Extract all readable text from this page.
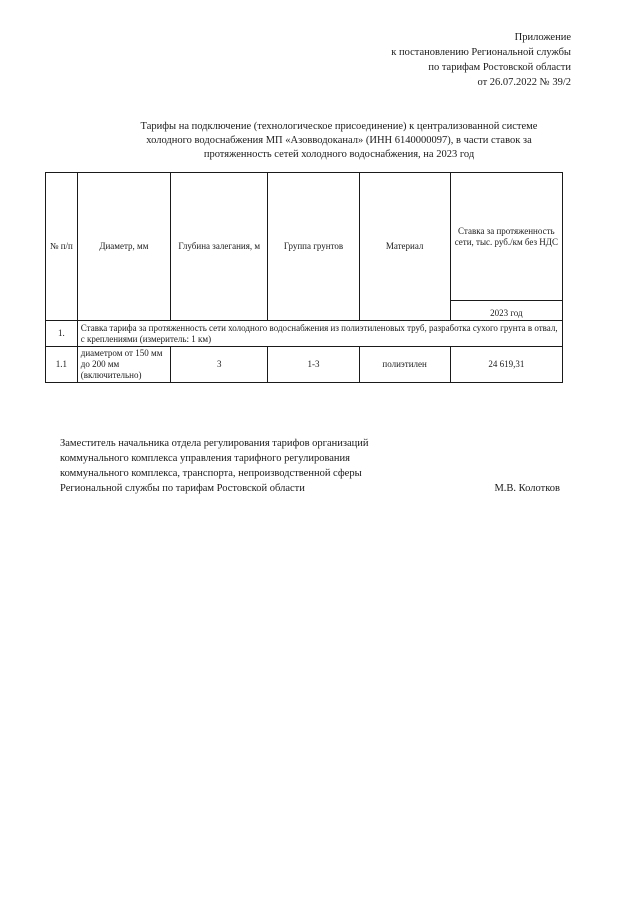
Приложение
к постановлению Региональной службы
по тарифам Ростовской области
от 26.07.2022 № 39/2
Тарифы на подключение (технологическое присоединение) к централизованной системе
холодного водоснабжения МП «Азовводоканал» (ИНН 6140000097), в части ставок за
протяженность сетей холодного водоснабжения, на 2023 год
№ п/п	Диаметр, мм	Глубина залегания, м	Группа грунтов	Материал	Ставка за протяженность сети, тыс. руб./км без НДС
					2023 год
1.	Ставка тарифа за протяженность сети холодного водоснабжения из полиэтиленовых труб, разработка сухого грунта в отвал, с креплениями (измеритель: 1 км)				
1.1	диаметром от 150 мм до 200 мм (включительно)	3	1-3	полиэтилен	24 619,31
Заместитель начальника отдела регулирования тарифов организаций
коммунального комплекса управления тарифного регулирования
коммунального комплекса, транспорта, непроизводственной сферы
Региональной службы по тарифам Ростовской области	М.В. Колотков
